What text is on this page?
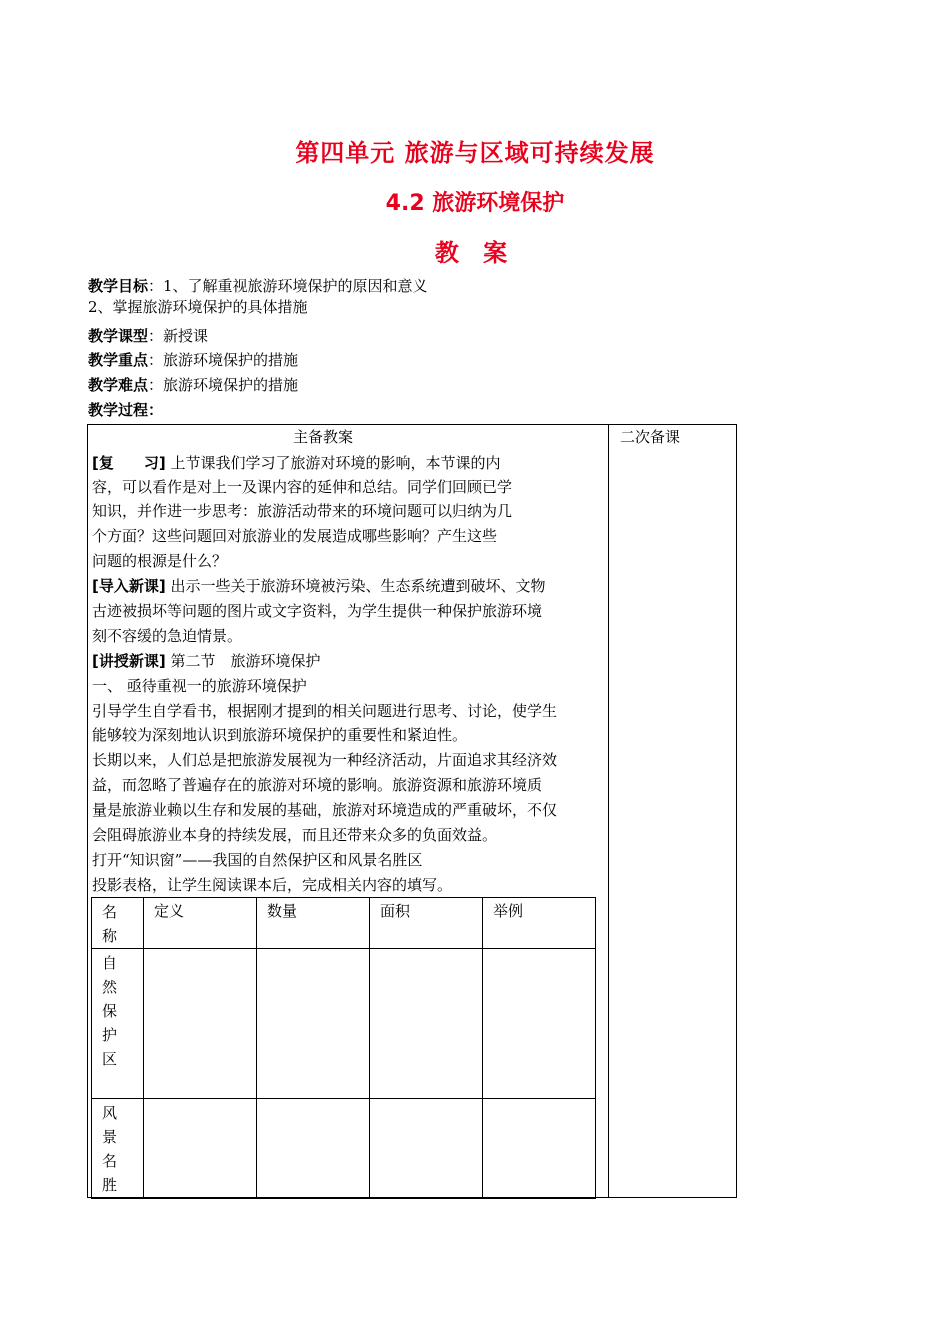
第四单元 旅游与区域可持续发展
4.2 旅游环境保护
教 案
教学目标：1、了解重视旅游环境保护的原因和意义
2、掌握旅游环境保护的具体措施
教学课型：新授课
教学重点：旅游环境保护的措施
教学难点：旅游环境保护的措施
教学过程：
主备教案	二次备课
[复　　习] 上节课我们学习了旅游对环境的影响，本节课的内
容，可以看作是对上一及课内容的延伸和总结。同学们回顾已学
知识，并作进一步思考：旅游活动带来的环境问题可以归纳为几
个方面？这些问题回对旅游业的发展造成哪些影响？产生这些
问题的根源是什么？
[导入新课] 出示一些关于旅游环境被污染、生态系统遭到破坏、文物
古迹被损坏等问题的图片或文字资料，为学生提供一种保护旅游环境
刻不容缓的急迫情景。
[讲授新课] 第二节　旅游环境保护
一、 亟待重视一的旅游环境保护
引导学生自学看书，根据刚才提到的相关问题进行思考、讨论，使学生
能够较为深刻地认识到旅游环境保护的重要性和紧迫性。
长期以来，人们总是把旅游发展视为一种经济活动，片面追求其经济效
益，而忽略了普遍存在的旅游对环境的影响。旅游资源和旅游环境质
量是旅游业赖以生存和发展的基础，旅游对环境造成的严重破坏，不仅
会阻碍旅游业本身的持续发展，而且还带来众多的负面效益。
打开“知识窗”——我国的自然保护区和风景名胜区
投影表格，让学生阅读课本后，完成相关内容的填写。
名称	定义	数量	面积	举例

自然保护区				

风景名胜				
